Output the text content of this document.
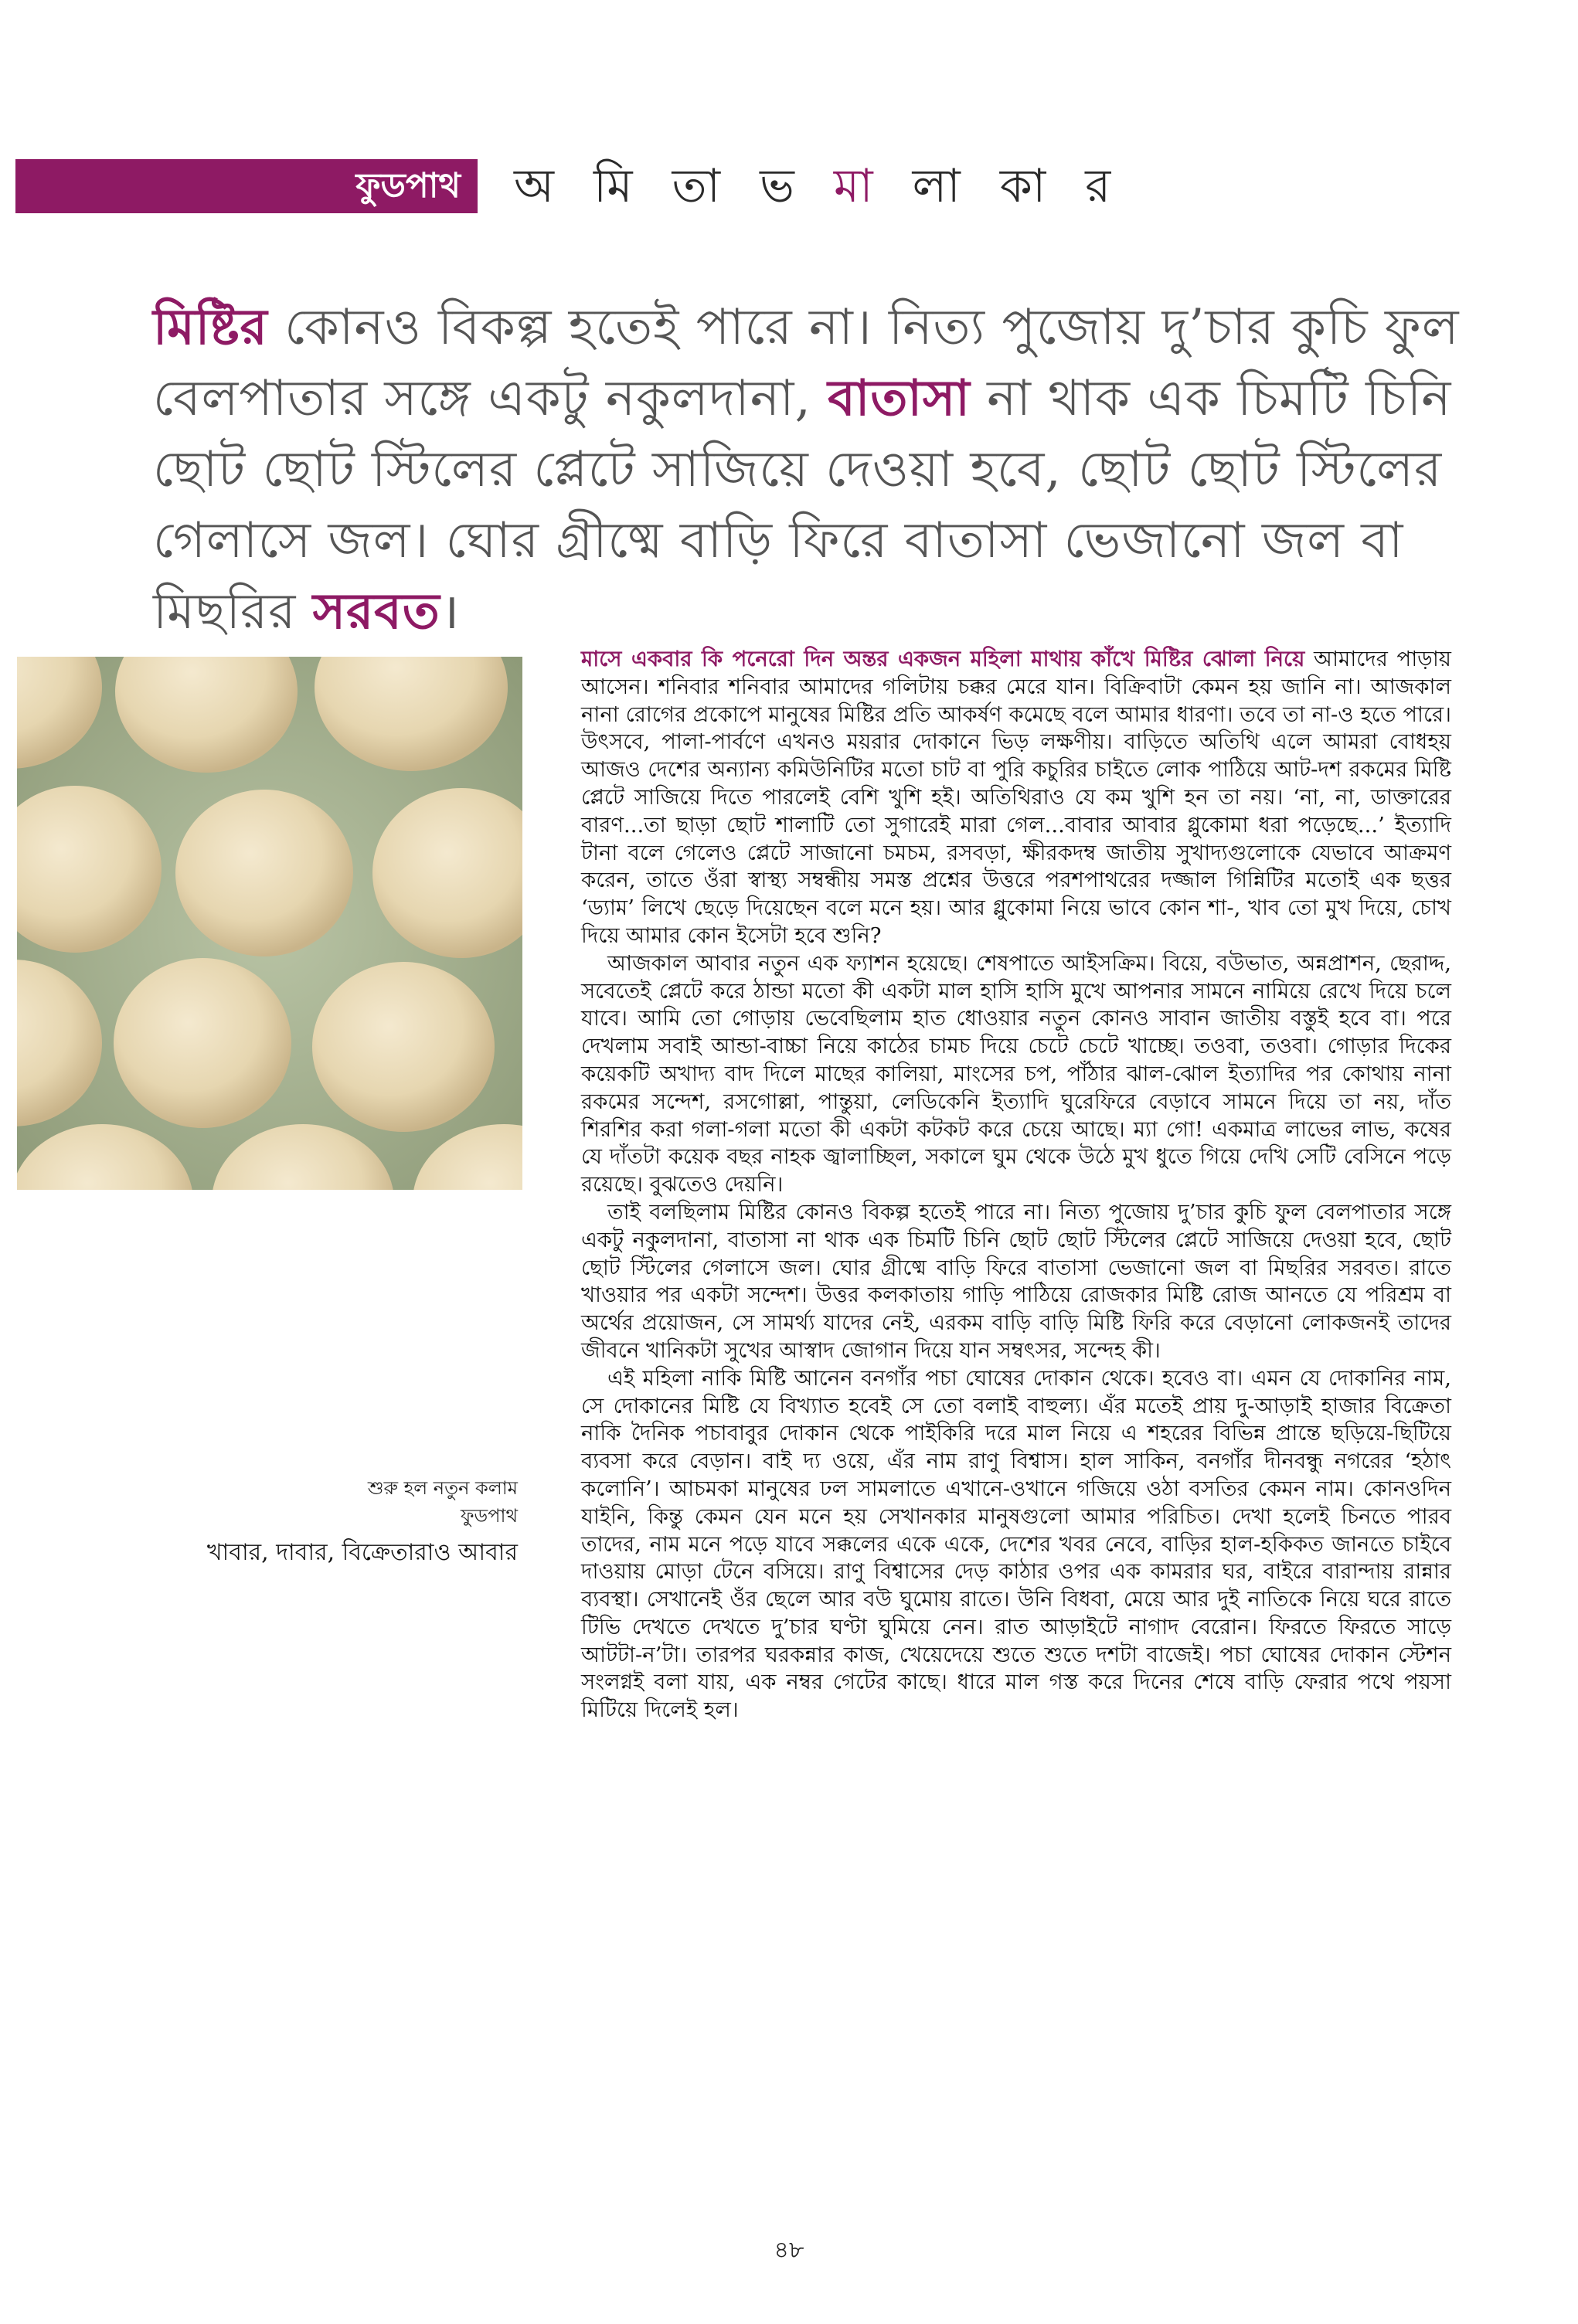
ফুডপাথ	অ মি তা ভ মা লা কা র

মিষ্টির কোনও বিকল্প হতেই পারে না। নিত্য পুজোয় দু’চার কুচি ফুল বেলপাতার সঙ্গে একটু নকুলদানা, বাতাসা না থাক এক চিমটি চিনি ছোট ছোট স্টিলের প্লেটে সাজিয়ে দেওয়া হবে, ছোট ছোট স্টিলের গেলাসে জল। ঘোর গ্রীষ্মে বাড়ি ফিরে বাতাসা ভেজানো জল বা মিছরির সরবত।

শুরু হল নতুন কলাম
ফুডপাথ
খাবার, দাবার, বিক্রেতারাও আবার

মাসে একবার কি পনেরো দিন অন্তর একজন মহিলা মাথায় কাঁখে মিষ্টির ঝোলা নিয়ে আমাদের পাড়ায় আসেন। শনিবার শনিবার আমাদের গলিটায় চক্কর মেরে যান। বিক্রিবাটা কেমন হয় জানি না। আজকাল নানা রোগের প্রকোপে মানুষের মিষ্টির প্রতি আকর্ষণ কমেছে বলে আমার ধারণা। তবে তা না-ও হতে পারে। উৎসবে, পালা-পার্বণে এখনও ময়রার দোকানে ভিড় লক্ষণীয়। বাড়িতে অতিথি এলে আমরা বোধহয় আজও দেশের অন্যান্য কমিউনিটির মতো চাট বা পুরি কচুরির চাইতে লোক পাঠিয়ে আট-দশ রকমের মিষ্টি প্লেটে সাজিয়ে দিতে পারলেই বেশি খুশি হই। অতিথিরাও যে কম খুশি হন তা নয়। ‘না, না, ডাক্তারের বারণ...তা ছাড়া ছোট শালাটি তো সুগারেই মারা গেল...বাবার আবার গ্লুকোমা ধরা পড়েছে...’ ইত্যাদি টানা বলে গেলেও প্লেটে সাজানো চমচম, রসবড়া, ক্ষীরকদম্ব জাতীয় সুখাদ্যগুলোকে যেভাবে আক্রমণ করেন, তাতে ওঁরা স্বাস্থ্য সম্বন্ধীয় সমস্ত প্রশ্নের উত্তরে পরশপাথরের দজ্জাল গিন্নিটির মতোই এক ছত্তর ‘ড্যাম’ লিখে ছেড়ে দিয়েছেন বলে মনে হয়। আর গ্লুকোমা নিয়ে ভাবে কোন শা-, খাব তো মুখ দিয়ে, চোখ দিয়ে আমার কোন ইসেটা হবে শুনি?

আজকাল আবার নতুন এক ফ্যাশন হয়েছে। শেষপাতে আইসক্রিম। বিয়ে, বউভাত, অন্নপ্রাশন, ছেরাদ্দ, সবেতেই প্লেটে করে ঠান্ডা মতো কী একটা মাল হাসি হাসি মুখে আপনার সামনে নামিয়ে রেখে দিয়ে চলে যাবে। আমি তো গোড়ায় ভেবেছিলাম হাত ধোওয়ার নতুন কোনও সাবান জাতীয় বস্তুই হবে বা। পরে দেখলাম সবাই আন্ডা-বাচ্চা নিয়ে কাঠের চামচ দিয়ে চেটে চেটে খাচ্ছে। তওবা, তওবা। গোড়ার দিকের কয়েকটি অখাদ্য বাদ দিলে মাছের কালিয়া, মাংসের চপ, পাঁঠার ঝাল-ঝোল ইত্যাদির পর কোথায় নানা রকমের সন্দেশ, রসগোল্লা, পান্তুয়া, লেডিকেনি ইত্যাদি ঘুরেফিরে বেড়াবে সামনে দিয়ে তা নয়, দাঁত শিরশির করা গলা-গলা মতো কী একটা কটকট করে চেয়ে আছে। ম্যা গো! একমাত্র লাভের লাভ, কষের যে দাঁতটা কয়েক বছর নাহক জ্বালাচ্ছিল, সকালে ঘুম থেকে উঠে মুখ ধুতে গিয়ে দেখি সেটি বেসিনে পড়ে রয়েছে। বুঝতেও দেয়নি।

তাই বলছিলাম মিষ্টির কোনও বিকল্প হতেই পারে না। নিত্য পুজোয় দু’চার কুচি ফুল বেলপাতার সঙ্গে একটু নকুলদানা, বাতাসা না থাক এক চিমটি চিনি ছোট ছোট স্টিলের প্লেটে সাজিয়ে দেওয়া হবে, ছোট ছোট স্টিলের গেলাসে জল। ঘোর গ্রীষ্মে বাড়ি ফিরে বাতাসা ভেজানো জল বা মিছরির সরবত। রাতে খাওয়ার পর একটা সন্দেশ। উত্তর কলকাতায় গাড়ি পাঠিয়ে রোজকার মিষ্টি রোজ আনতে যে পরিশ্রম বা অর্থের প্রয়োজন, সে সামর্থ্য যাদের নেই, এরকম বাড়ি বাড়ি মিষ্টি ফিরি করে বেড়ানো লোকজনই তাদের জীবনে খানিকটা সুখের আস্বাদ জোগান দিয়ে যান সম্বৎসর, সন্দেহ কী।

এই মহিলা নাকি মিষ্টি আনেন বনগাঁর পচা ঘোষের দোকান থেকে। হবেও বা। এমন যে দোকানির নাম, সে দোকানের মিষ্টি যে বিখ্যাত হবেই সে তো বলাই বাহুল্য। এঁর মতেই প্রায় দু-আড়াই হাজার বিক্রেতা নাকি দৈনিক পচাবাবুর দোকান থেকে পাইকিরি দরে মাল নিয়ে এ শহরের বিভিন্ন প্রান্তে ছড়িয়ে-ছিটিয়ে ব্যবসা করে বেড়ান। বাই দ্য ওয়ে, এঁর নাম রাণু বিশ্বাস। হাল সাকিন, বনগাঁর দীনবন্ধু নগরের ‘হঠাৎ কলোনি’। আচমকা মানুষের ঢল সামলাতে এখানে-ওখানে গজিয়ে ওঠা বসতির কেমন নাম। কোনওদিন যাইনি, কিন্তু কেমন যেন মনে হয় সেখানকার মানুষগুলো আমার পরিচিত। দেখা হলেই চিনতে পারব তাদের, নাম মনে পড়ে যাবে সক্কলের একে একে, দেশের খবর নেবে, বাড়ির হাল-হকিকত জানতে চাইবে দাওয়ায় মোড়া টেনে বসিয়ে। রাণু বিশ্বাসের দেড় কাঠার ওপর এক কামরার ঘর, বাইরে বারান্দায় রান্নার ব্যবস্থা। সেখানেই ওঁর ছেলে আর বউ ঘুমোয় রাতে। উনি বিধবা, মেয়ে আর দুই নাতিকে নিয়ে ঘরে রাতে টিভি দেখতে দেখতে দু’চার ঘণ্টা ঘুমিয়ে নেন। রাত আড়াইটে নাগাদ বেরোন। ফিরতে ফিরতে সাড়ে আটটা-ন’টা। তারপর ঘরকন্নার কাজ, খেয়েদেয়ে শুতে শুতে দশটা বাজেই। পচা ঘোষের দোকান স্টেশন সংলগ্নই বলা যায়, এক নম্বর গেটের কাছে। ধারে মাল গস্ত করে দিনের শেষে বাড়ি ফেরার পথে পয়সা মিটিয়ে দিলেই হল।

৪৮
